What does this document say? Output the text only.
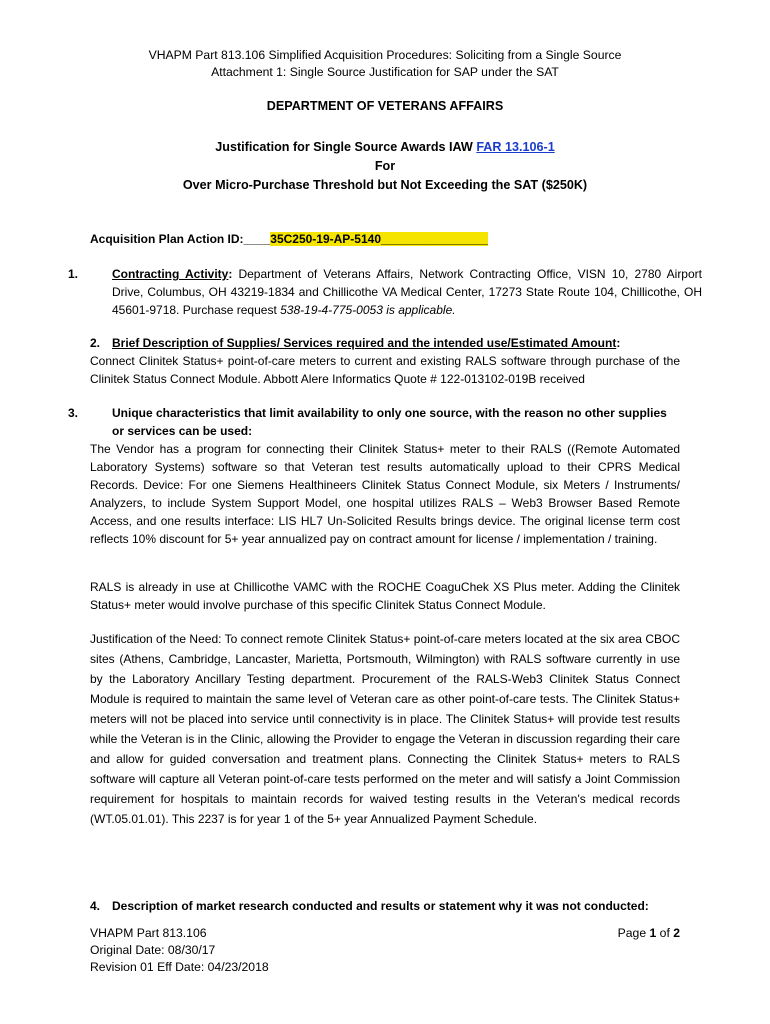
VHAPM Part 813.106 Simplified Acquisition Procedures: Soliciting from a Single Source
Attachment 1: Single Source Justification for SAP under the SAT
DEPARTMENT OF VETERANS AFFAIRS
Justification for Single Source Awards IAW FAR 13.106-1
For
Over Micro-Purchase Threshold but Not Exceeding the SAT ($250K)
Acquisition Plan Action ID:____35C250-19-AP-5140________________
1.	Contracting Activity: Department of Veterans Affairs, Network Contracting Office, VISN 10, 2780 Airport Drive, Columbus, OH 43219-1834 and Chillicothe VA Medical Center, 17273 State Route 104, Chillicothe, OH 45601-9718. Purchase request 538-19-4-775-0053 is applicable.
2. Brief Description of Supplies/ Services required and the intended use/Estimated Amount:
Connect Clinitek Status+ point-of-care meters to current and existing RALS software through purchase of the Clinitek Status Connect Module. Abbott Alere Informatics Quote # 122-013102-019B received
3.	Unique characteristics that limit availability to only one source, with the reason no other supplies or services can be used:
The Vendor has a program for connecting their Clinitek Status+ meter to their RALS ((Remote Automated Laboratory Systems) software so that Veteran test results automatically upload to their CPRS Medical Records. Device: For one Siemens Healthineers Clinitek Status Connect Module, six Meters / Instruments/ Analyzers, to include System Support Model, one hospital utilizes RALS – Web3 Browser Based Remote Access, and one results interface: LIS HL7 Un-Solicited Results brings device. The original license term cost reflects 10% discount for 5+ year annualized pay on contract amount for license / implementation / training.
RALS is already in use at Chillicothe VAMC with the ROCHE CoaguChek XS Plus meter. Adding the Clinitek Status+ meter would involve purchase of this specific Clinitek Status Connect Module.
Justification of the Need: To connect remote Clinitek Status+ point-of-care meters located at the six area CBOC sites (Athens, Cambridge, Lancaster, Marietta, Portsmouth, Wilmington) with RALS software currently in use by the Laboratory Ancillary Testing department. Procurement of the RALS-Web3 Clinitek Status Connect Module is required to maintain the same level of Veteran care as other point-of-care tests. The Clinitek Status+ meters will not be placed into service until connectivity is in place. The Clinitek Status+ will provide test results while the Veteran is in the Clinic, allowing the Provider to engage the Veteran in discussion regarding their care and allow for guided conversation and treatment plans. Connecting the Clinitek Status+ meters to RALS software will capture all Veteran point-of-care tests performed on the meter and will satisfy a Joint Commission requirement for hospitals to maintain records for waived testing results in the Veteran's medical records (WT.05.01.01). This 2237 is for year 1 of the 5+ year Annualized Payment Schedule.
4. Description of market research conducted and results or statement why it was not conducted:
VHAPM Part 813.106
Original Date: 08/30/17
Revision 01 Eff Date: 04/23/2018
Page 1 of 2
